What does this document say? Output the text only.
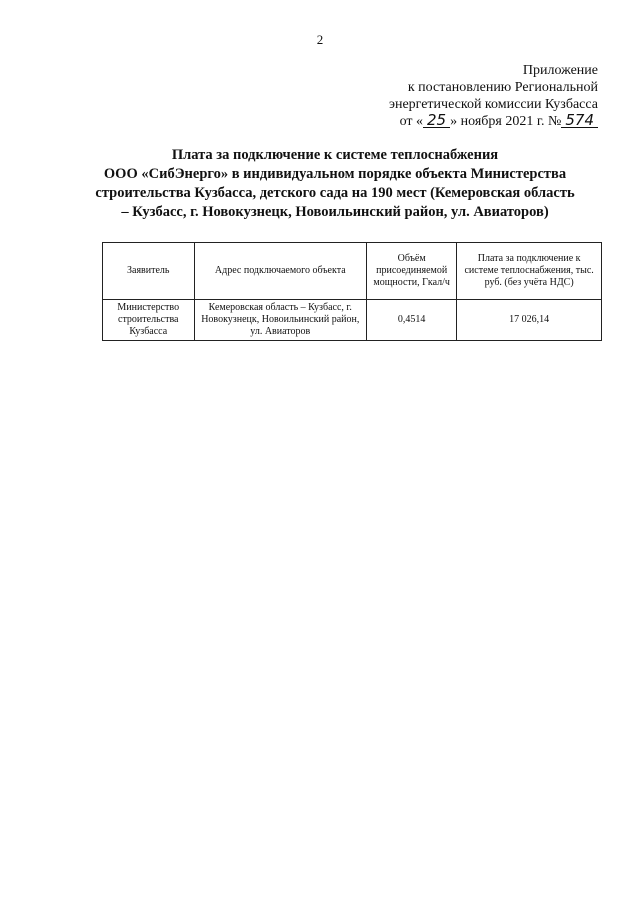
2
Приложение
к постановлению Региональной
энергетической комиссии Кузбасса
от « 25 » ноября 2021 г. № 574
Плата за подключение к системе теплоснабжения
ООО «СибЭнерго» в индивидуальном порядке объекта Министерства
строительства Кузбасса, детского сада на 190 мест (Кемеровская область
– Кузбасс, г. Новокузнецк, Новоильинский район, ул. Авиаторов)
Заявитель	Адрес подключаемого объекта	Объём присоединяемой мощности, Гкал/ч	Плата за подключение к системе теплоснабжения, тыс. руб. (без учёта НДС)
Министерство строительства Кузбасса	Кемеровская область – Кузбасс, г. Новокузнецк, Новоильинский район, ул. Авиаторов	0,4514	17 026,14
